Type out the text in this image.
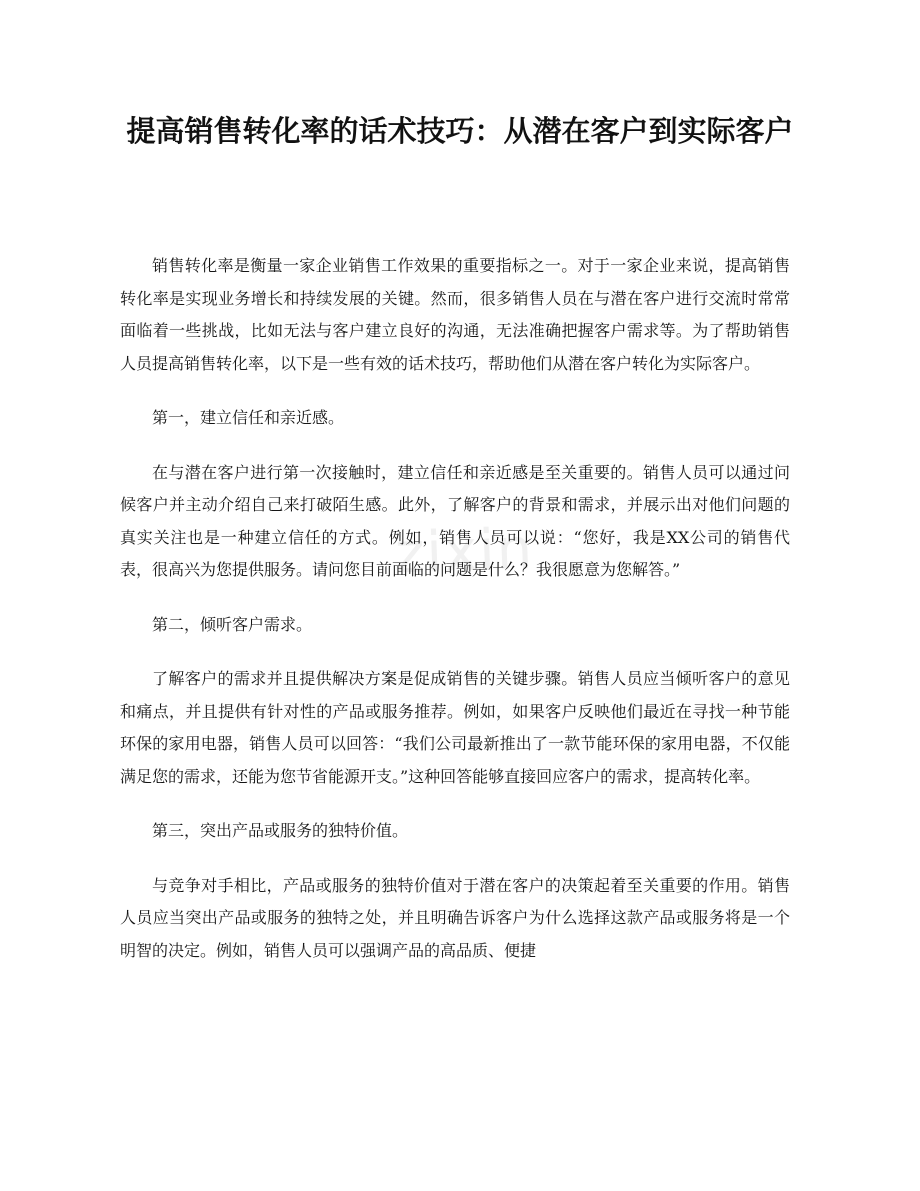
zixin
提高销售转化率的话术技巧：从潜在客户到实际客户

销售转化率是衡量一家企业销售工作效果的重要指标之一。对于一家企业来说，提高销售转化率是实现业务增长和持续发展的关键。然而，很多销售人员在与潜在客户进行交流时常常面临着一些挑战，比如无法与客户建立良好的沟通，无法准确把握客户需求等。为了帮助销售人员提高销售转化率，以下是一些有效的话术技巧，帮助他们从潜在客户转化为实际客户。

第一，建立信任和亲近感。

在与潜在客户进行第一次接触时，建立信任和亲近感是至关重要的。销售人员可以通过问候客户并主动介绍自己来打破陌生感。此外，了解客户的背景和需求，并展示出对他们问题的真实关注也是一种建立信任的方式。例如，销售人员可以说：“您好，我是XX公司的销售代表，很高兴为您提供服务。请问您目前面临的问题是什么？我很愿意为您解答。”

第二，倾听客户需求。

了解客户的需求并且提供解决方案是促成销售的关键步骤。销售人员应当倾听客户的意见和痛点，并且提供有针对性的产品或服务推荐。例如，如果客户反映他们最近在寻找一种节能环保的家用电器，销售人员可以回答：“我们公司最新推出了一款节能环保的家用电器，不仅能满足您的需求，还能为您节省能源开支。”这种回答能够直接回应客户的需求，提高转化率。

第三，突出产品或服务的独特价值。

与竞争对手相比，产品或服务的独特价值对于潜在客户的决策起着至关重要的作用。销售人员应当突出产品或服务的独特之处，并且明确告诉客户为什么选择这款产品或服务将是一个明智的决定。例如，销售人员可以强调产品的高品质、便捷
